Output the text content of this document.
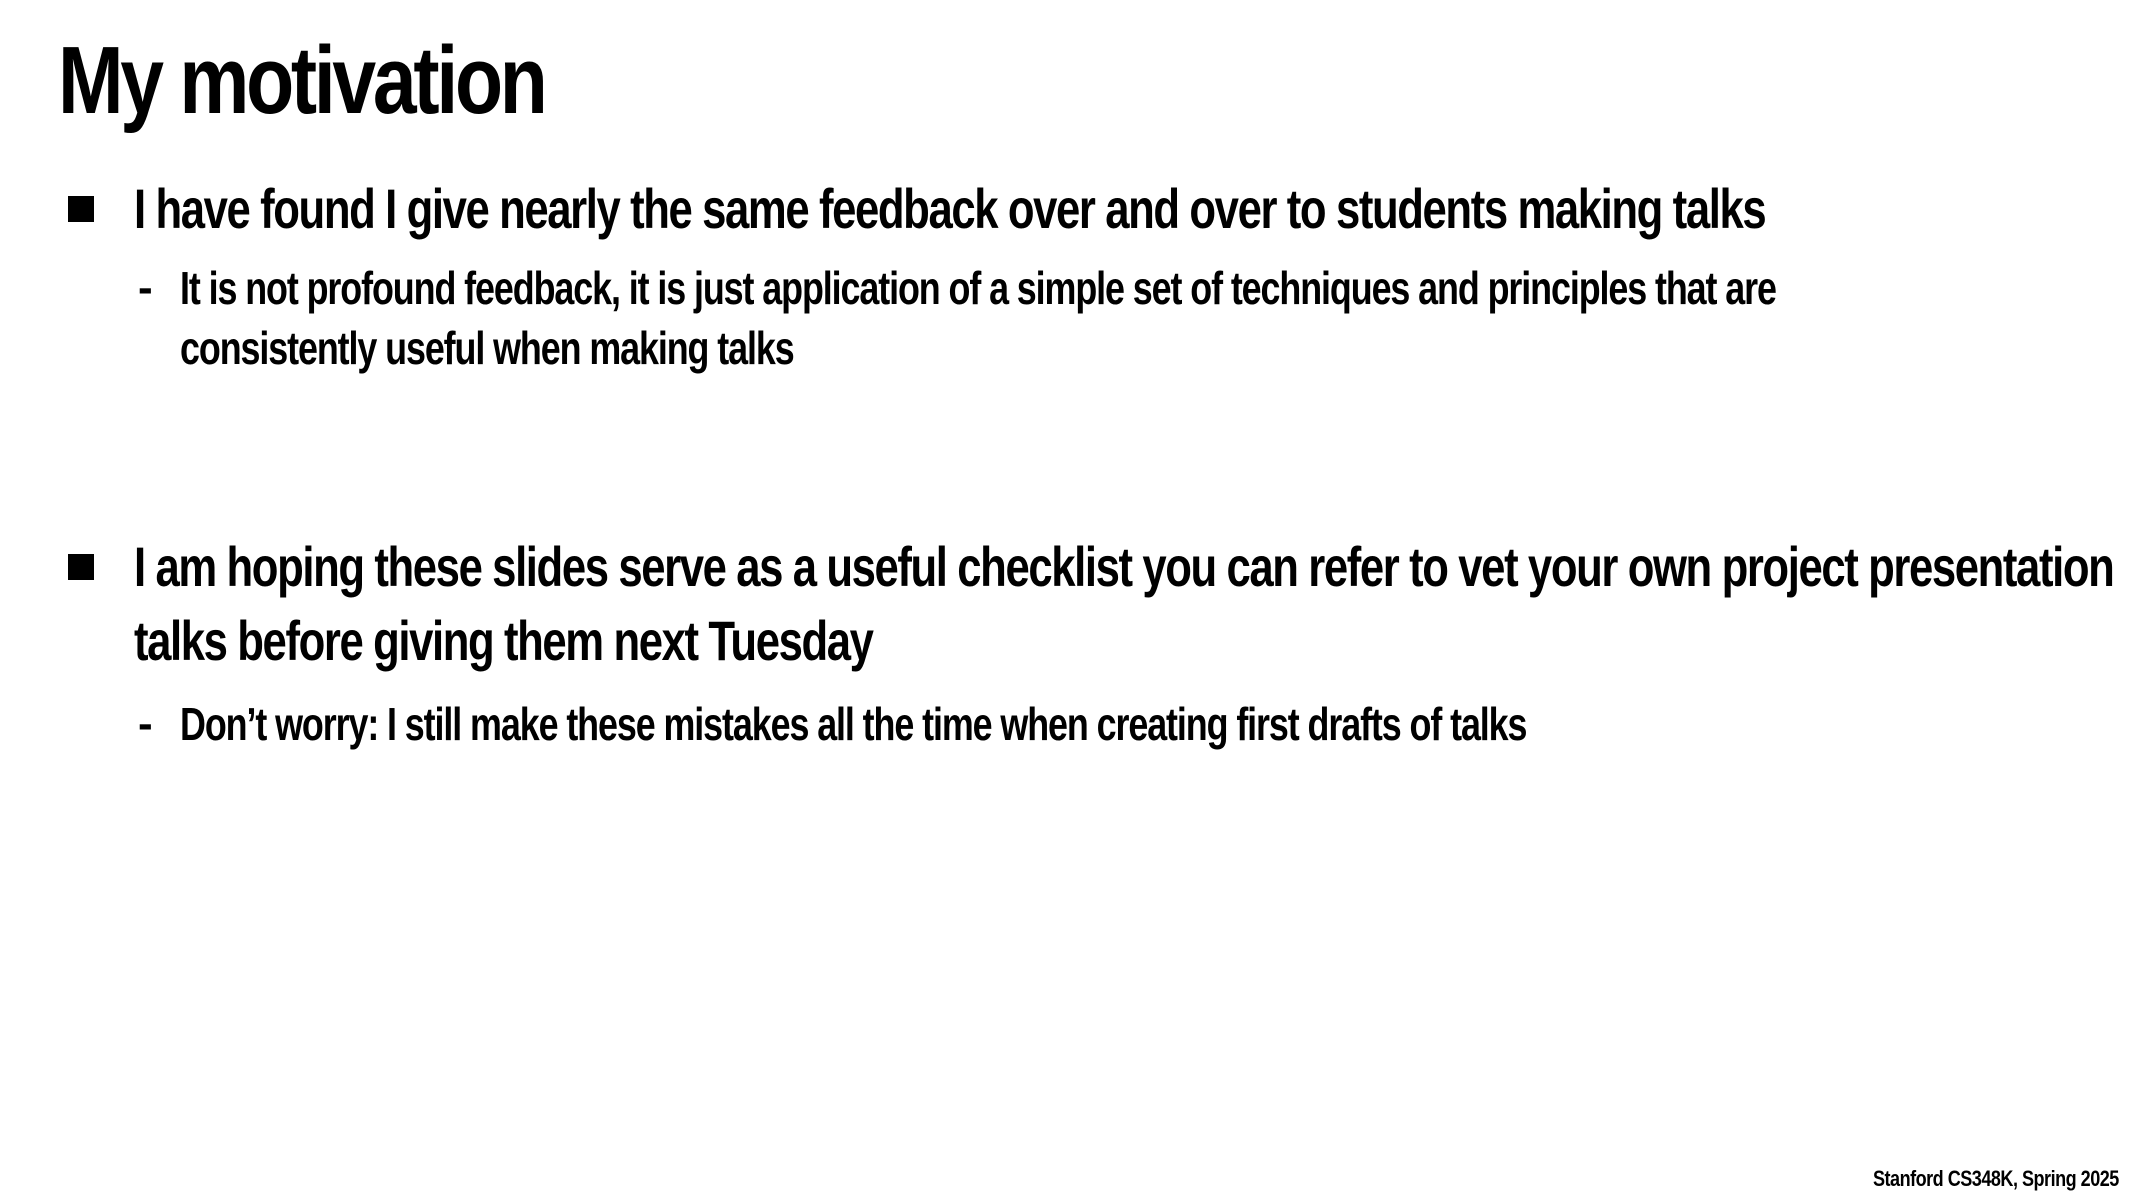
My motivation
I have found I give nearly the same feedback over and over to students making talks
- It is not profound feedback, it is just application of a simple set of techniques and principles that are consistently useful when making talks
I am hoping these slides serve as a useful checklist you can refer to vet your own project presentation talks before giving them next Tuesday
- Don’t worry: I still make these mistakes all the time when creating first drafts of talks
Stanford CS348K, Spring 2025
